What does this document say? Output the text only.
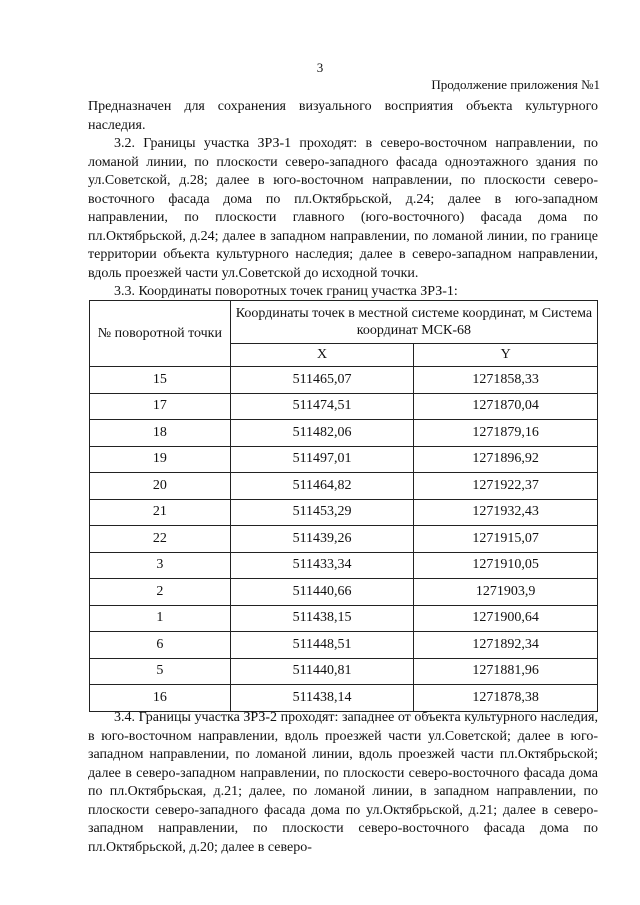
3
Продолжение приложения №1

Предназначен для сохранения визуального восприятия объекта культурного наследия.

3.2. Границы участка ЗРЗ-1 проходят: в северо-восточном направлении, по ломаной линии, по плоскости северо-западного фасада одноэтажного здания по ул.Советской, д.28; далее в юго-восточном направлении, по плоскости северо-восточного фасада дома по пл.Октябрьской, д.24; далее в юго-западном направлении, по плоскости главного (юго-восточного) фасада дома по пл.Октябрьской, д.24; далее в западном направлении, по ломаной линии, по границе территории объекта культурного наследия; далее в северо-западном направлении, вдоль проезжей части ул.Советской до исходной точки.

3.3. Координаты поворотных точек границ участка ЗРЗ-1:

№ поворотной точки	Координаты точек в местной системе координат, м Система координат МСК-68	
	X	Y
15	511465,07	1271858,33
17	511474,51	1271870,04
18	511482,06	1271879,16
19	511497,01	1271896,92
20	511464,82	1271922,37
21	511453,29	1271932,43
22	511439,26	1271915,07
3	511433,34	1271910,05
2	511440,66	1271903,9
1	511438,15	1271900,64
6	511448,51	1271892,34
5	511440,81	1271881,96
16	511438,14	1271878,38

3.4. Границы участка ЗРЗ-2 проходят: западнее от объекта культурного наследия, в юго-восточном направлении, вдоль проезжей части ул.Советской; далее в юго-западном направлении, по ломаной линии, вдоль проезжей части пл.Октябрьской; далее в северо-западном направлении, по плоскости северо-восточного фасада дома по пл.Октябрьская, д.21; далее, по ломаной линии, в западном направлении, по плоскости северо-западного фасада дома по ул.Октябрьской, д.21; далее в северо-западном направлении, по плоскости северо-восточного фасада дома по пл.Октябрьской, д.20; далее в северо-
